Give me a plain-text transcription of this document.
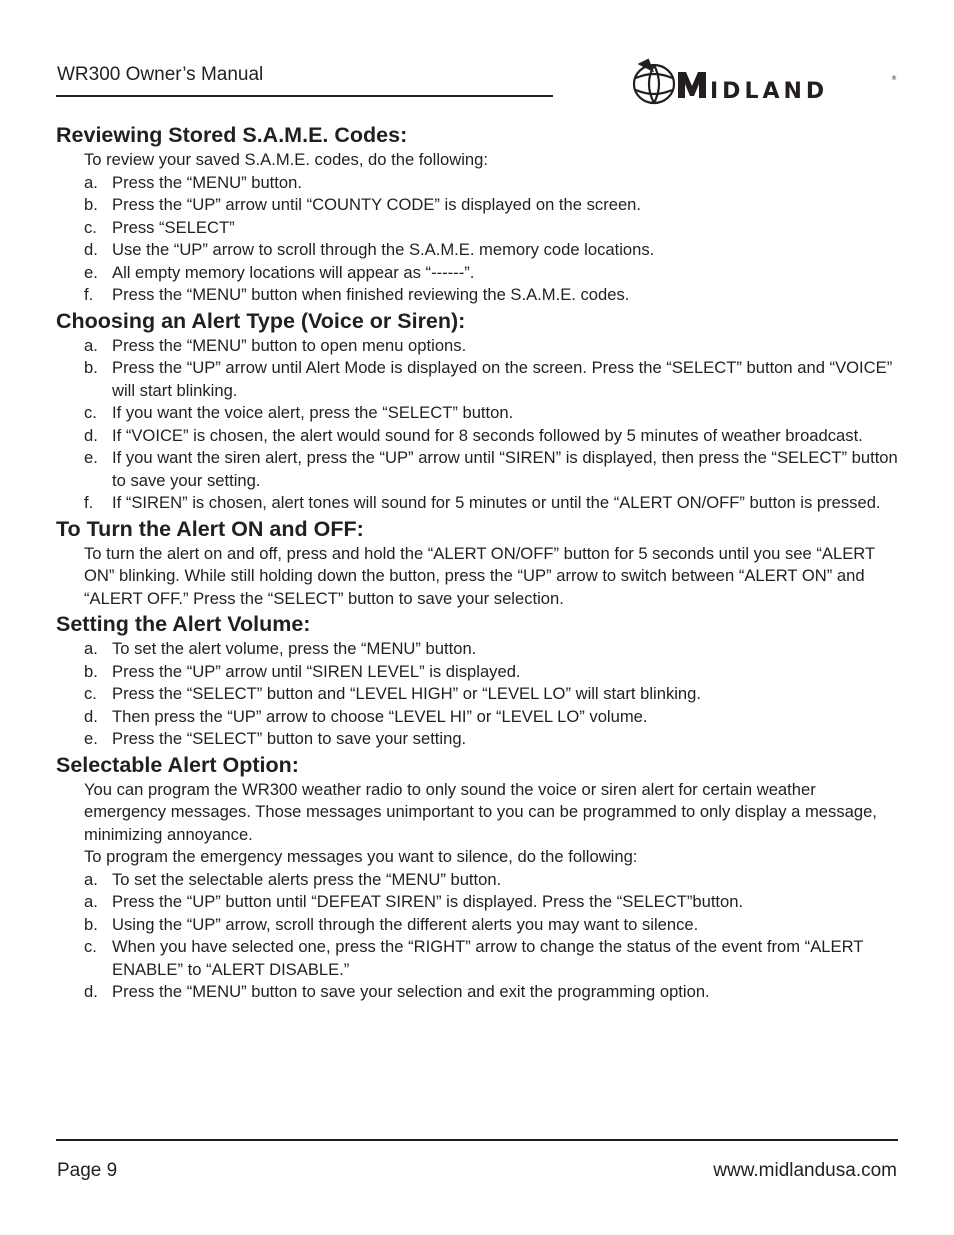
WR300 Owner’s Manual
IDLAND
®
Reviewing Stored S.A.M.E. Codes:

To review your saved S.A.M.E. codes, do the following:

a. Press the “MENU” button.
b. Press the “UP” arrow until “COUNTY CODE” is displayed on the screen.
c. Press “SELECT”
d. Use the “UP” arrow to scroll through the S.A.M.E. memory code locations.
e. All empty memory locations will appear as “------”.
f. Press the “MENU” button when finished reviewing the S.A.M.E. codes.
Choosing an Alert Type (Voice or Siren):
a. Press the “MENU” button to open menu options.
b. Press the “UP” arrow until Alert Mode is displayed on the screen. Press the “SELECT” button and “VOICE” will start blinking.
c. If you want the voice alert, press the “SELECT” button.
d. If “VOICE” is chosen, the alert would sound for 8 seconds followed by 5 minutes of weather broadcast.
e. If you want the siren alert, press the “UP” arrow until “SIREN” is displayed, then press the “SELECT” button to save your setting.
f. If “SIREN” is chosen, alert tones will sound for 5 minutes or until the “ALERT ON/OFF” button is pressed.
To Turn the Alert ON and OFF:

To turn the alert on and off, press and hold the “ALERT ON/OFF” button for 5 seconds until you see “ALERT ON” blinking. While still holding down the button, press the “UP” arrow to switch between “ALERT ON” and “ALERT OFF.” Press the “SELECT” button to save your selection.

Setting the Alert Volume:
a. To set the alert volume, press the “MENU” button.
b. Press the “UP” arrow until “SIREN LEVEL” is displayed.
c. Press the “SELECT” button and “LEVEL HIGH” or “LEVEL LO” will start blinking.
d. Then press the “UP” arrow to choose “LEVEL HI” or “LEVEL LO” volume.
e. Press the “SELECT” button to save your setting.
Selectable Alert Option:

You can program the WR300 weather radio to only sound the voice or siren alert for certain weather emergency messages. Those messages unimportant to you can be programmed to only display a message, minimizing annoyance.

To program the emergency messages you want to silence, do the following:

a. To set the selectable alerts press the “MENU” button.
a. Press the “UP” button until “DEFEAT SIREN” is displayed. Press the “SELECT”button.
b. Using the “UP” arrow, scroll through the different alerts you may want to silence.
c. When you have selected one, press the “RIGHT” arrow to change the status of the event from “ALERT ENABLE” to “ALERT DISABLE.”
d. Press the “MENU” button to save your selection and exit the programming option.
Page 9	www.midlandusa.com
